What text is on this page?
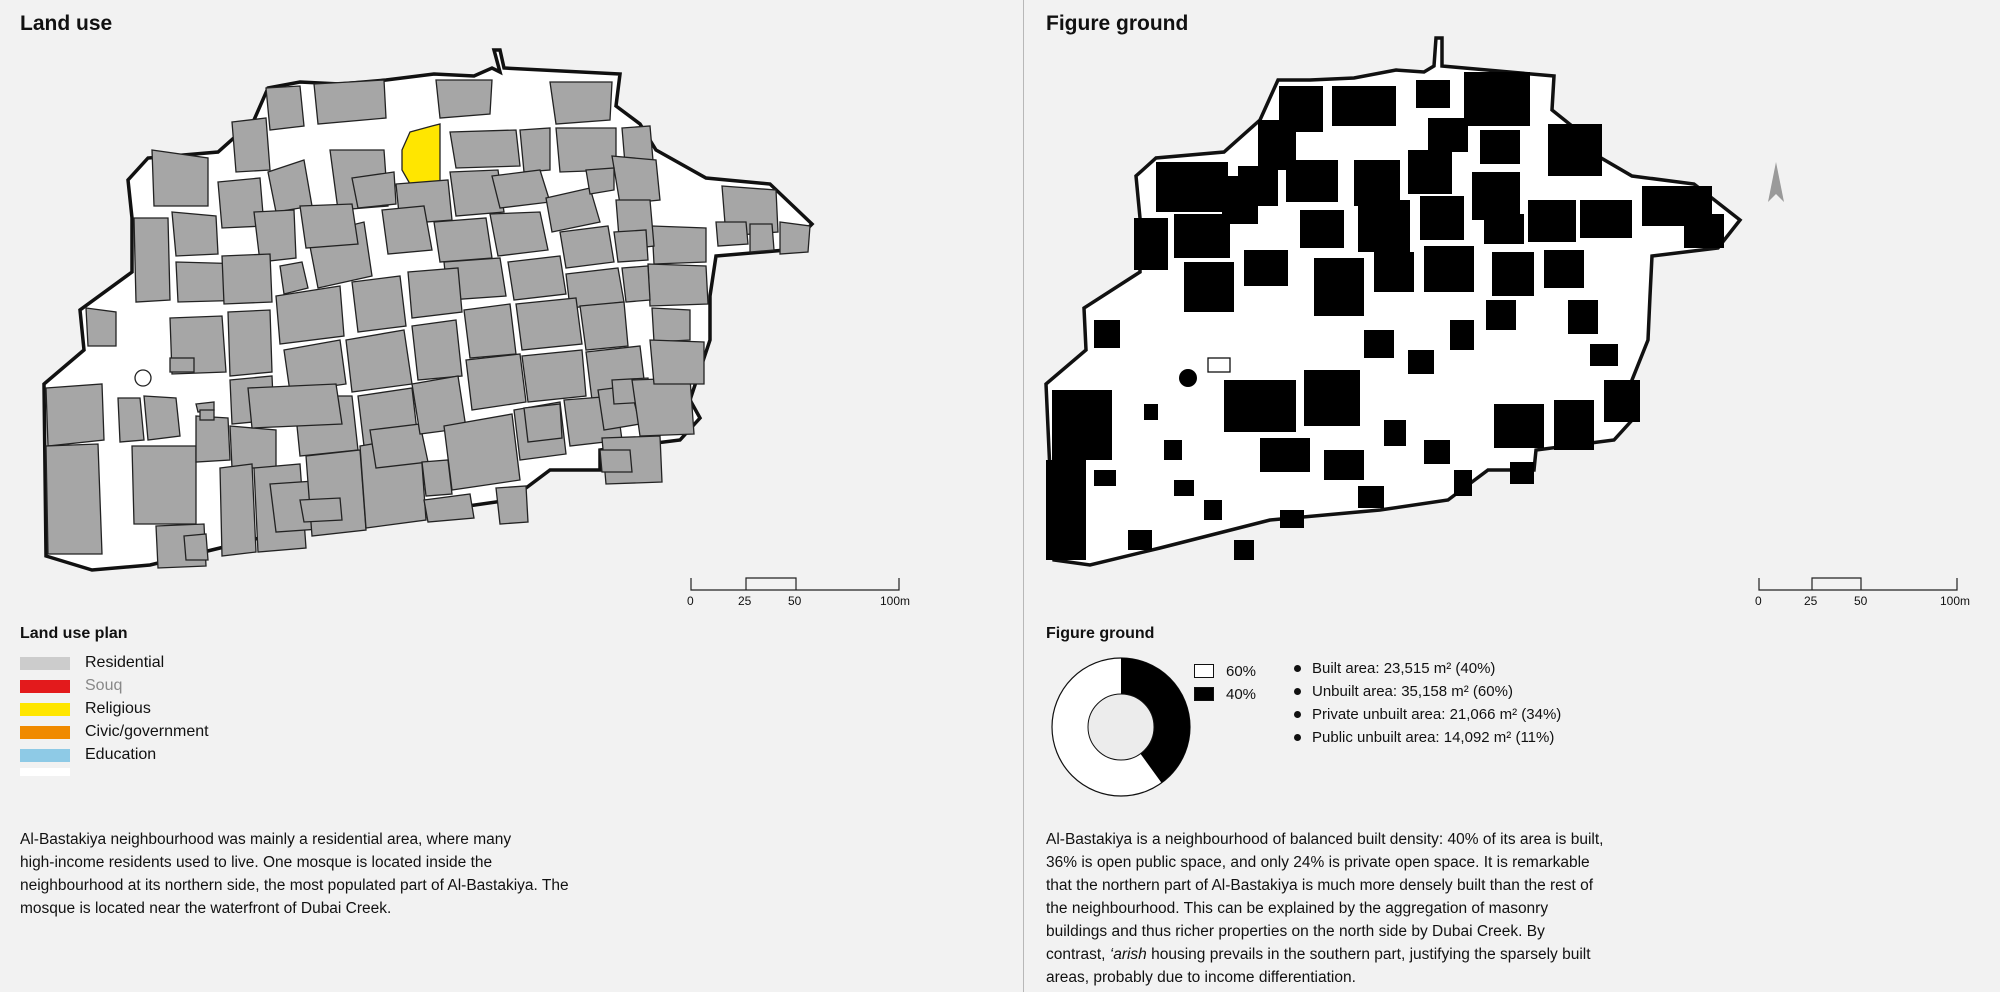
Land use
0	25	50	100m
Land use plan
Residential
Souq
Religious
Civic/government
Education

Al-Bastakiya neighbourhood was mainly a residential area, where many

high-income residents used to live. One mosque is located inside the

neighbourhood at its northern side, the most populated part of Al-Bastakiya. The

mosque is located near the waterfront of Dubai Creek.

Figure ground
0	25	50	100m
Figure ground
60%
40%
Built area: 23,515 m² (40%)
Unbuilt area: 35,158 m² (60%)
Private unbuilt area: 21,066 m² (34%)
Public unbuilt area: 14,092 m² (11%)

Al-Bastakiya is a neighbourhood of balanced built density: 40% of its area is built,

36% is open public space, and only 24% is private open space. It is remarkable

that the northern part of Al-Bastakiya is much more densely built than the rest of

the neighbourhood. This can be explained by the aggregation of masonry

buildings and thus richer properties on the north side by Dubai Creek. By

contrast, ‘arish housing prevails in the southern part, justifying the sparsely built

areas, probably due to income differentiation.
